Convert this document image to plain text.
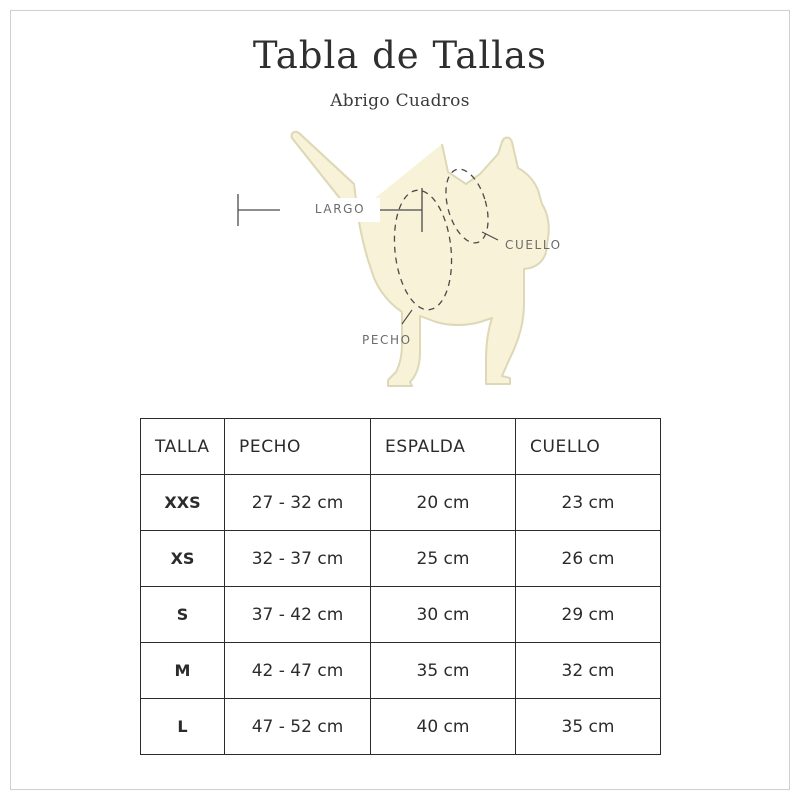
Tabla de Tallas

Abrigo Cuadros

LARGO
CUELLO
PECHO
TALLA	PECHO	ESPALDA	CUELLO
XXS	27 - 32 cm	20 cm	23 cm
XS	32 - 37 cm	25 cm	26 cm
S	37 - 42 cm	30 cm	29 cm
M	42 - 47 cm	35 cm	32 cm
L	47 - 52 cm	40 cm	35 cm
